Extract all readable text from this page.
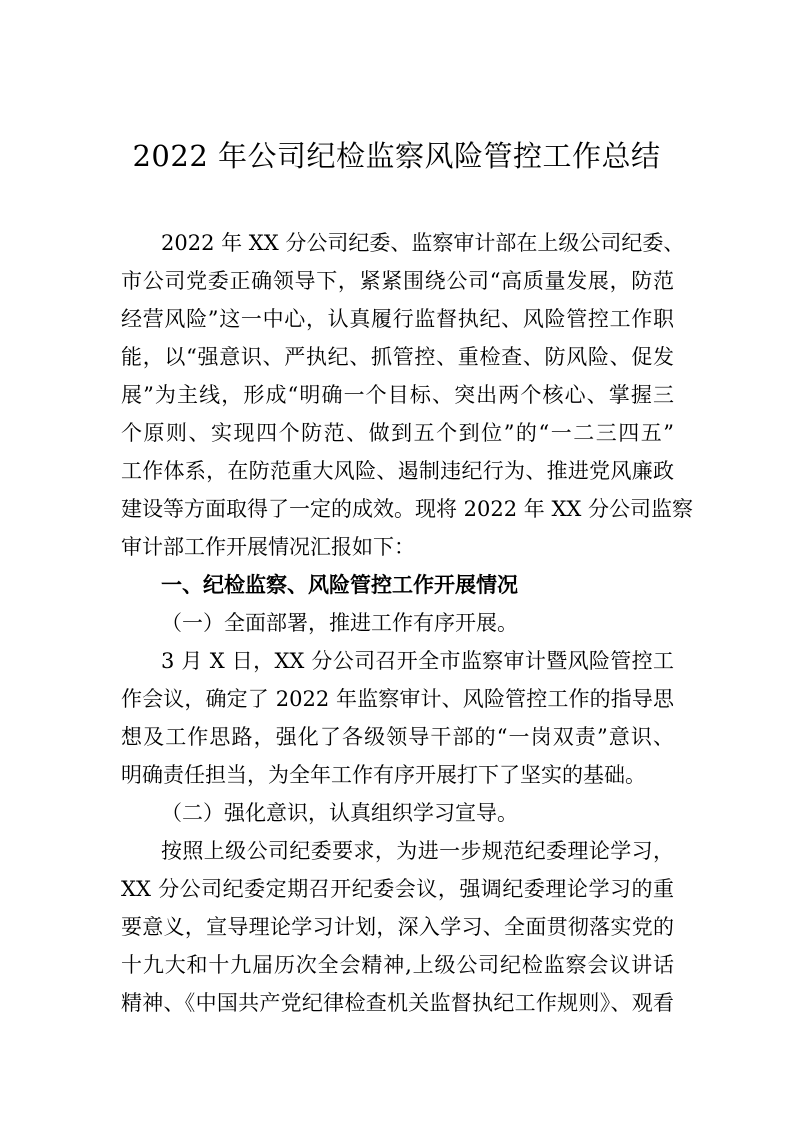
2022 年公司纪检监察风险管控工作总结
2022 年 XX 分公司纪委、监察审计部在上级公司纪委、
市公司党委正确领导下，紧紧围绕公司“高质量发展，防范
经营风险”这一中心，认真履行监督执纪、风险管控工作职
能，以“强意识、严执纪、抓管控、重检查、防风险、促发
展”为主线，形成“明确一个目标、突出两个核心、掌握三
个原则、实现四个防范、做到五个到位”的“一二三四五”
工作体系，在防范重大风险、遏制违纪行为、推进党风廉政
建设等方面取得了一定的成效。现将 2022 年 XX 分公司监察
审计部工作开展情况汇报如下：
一、纪检监察、风险管控工作开展情况
（一）全面部署，推进工作有序开展。
3 月 X 日，XX 分公司召开全市监察审计暨风险管控工
作会议，确定了 2022 年监察审计、风险管控工作的指导思
想及工作思路，强化了各级领导干部的“一岗双责”意识、
明确责任担当，为全年工作有序开展打下了坚实的基础。
（二）强化意识，认真组织学习宣导。
按照上级公司纪委要求，为进一步规范纪委理论学习，
XX 分公司纪委定期召开纪委会议，强调纪委理论学习的重
要意义，宣导理论学习计划，深入学习、全面贯彻落实党的
十九大和十九届历次全会精神,上级公司纪检监察会议讲话
精神、《中国共产党纪律检查机关监督执纪工作规则》、观看
